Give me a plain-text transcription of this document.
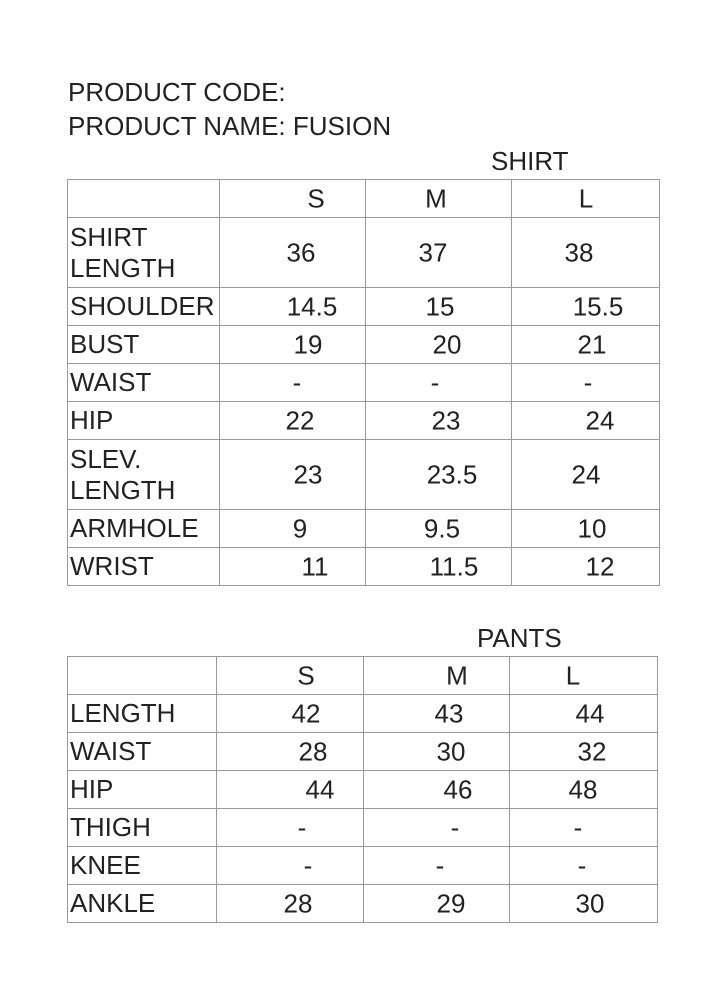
PRODUCT CODE:
PRODUCT NAME: FUSION
SHIRT

	S	M	L

SHIRT
LENGTH	36	37	38

SHOULDER	14.5	15	15.5

BUST	19	20	21

WAIST	-	-	-

HIP	22	23	24

SLEV.
LENGTH	23	23.5	24

ARMHOLE	9	9.5	10

WRIST	11	11.5	12
PANTS

	S	M	L

LENGTH	42	43	44

WAIST	28	30	32

HIP	44	46	48

THIGH	-	-	-

KNEE	-	-	-

ANKLE	28	29	30
